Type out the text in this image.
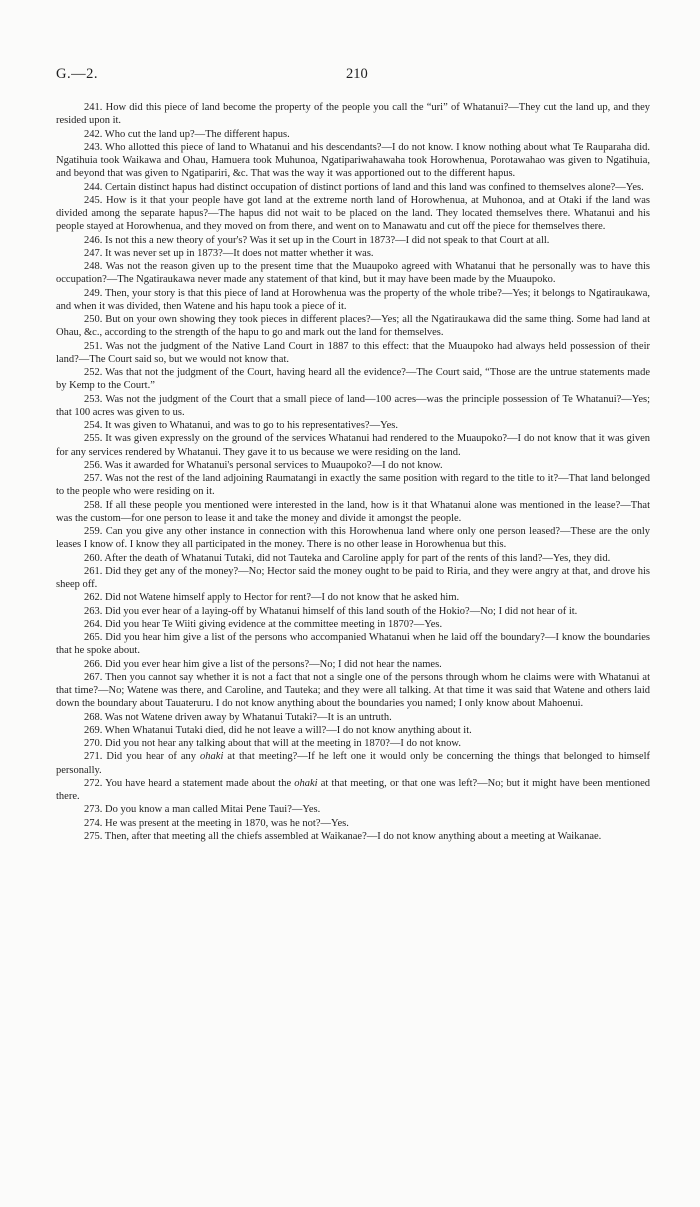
G.—2.	210

241. How did this piece of land become the property of the people you call the “uri” of Whatanui?—They cut the land up, and they resided upon it.

242. Who cut the land up?—The different hapus.

243. Who allotted this piece of land to Whatanui and his descendants?—I do not know. I know nothing about what Te Rauparaha did. Ngatihuia took Waikawa and Ohau, Hamuera took Muhunoa, Ngatipariwahawaha took Horowhenua, Porotawahao was given to Ngatihuia, and beyond that was given to Ngatipariri, &c. That was the way it was apportioned out to the different hapus.

244. Certain distinct hapus had distinct occupation of distinct portions of land and this land was confined to themselves alone?—Yes.

245. How is it that your people have got land at the extreme north land of Horowhenua, at Muhonoa, and at Otaki if the land was divided among the separate hapus?—The hapus did not wait to be placed on the land. They located themselves there. Whatanui and his people stayed at Horowhenua, and they moved on from there, and went on to Manawatu and cut off the piece for themselves there.

246. Is not this a new theory of your's? Was it set up in the Court in 1873?—I did not speak to that Court at all.

247. It was never set up in 1873?—It does not matter whether it was.

248. Was not the reason given up to the present time that the Muaupoko agreed with Whatanui that he personally was to have this occupation?—The Ngatiraukawa never made any statement of that kind, but it may have been made by the Muaupoko.

249. Then, your story is that this piece of land at Horowhenua was the property of the whole tribe?—Yes; it belongs to Ngatiraukawa, and when it was divided, then Watene and his hapu took a piece of it.

250. But on your own showing they took pieces in different places?—Yes; all the Ngatiraukawa did the same thing. Some had land at Ohau, &c., according to the strength of the hapu to go and mark out the land for themselves.

251. Was not the judgment of the Native Land Court in 1887 to this effect: that the Muaupoko had always held possession of their land?—The Court said so, but we would not know that.

252. Was that not the judgment of the Court, having heard all the evidence?—The Court said, “Those are the untrue statements made by Kemp to the Court.”

253. Was not the judgment of the Court that a small piece of land—100 acres—was the principle possession of Te Whatanui?—Yes; that 100 acres was given to us.

254. It was given to Whatanui, and was to go to his representatives?—Yes.

255. It was given expressly on the ground of the services Whatanui had rendered to the Muaupoko?—I do not know that it was given for any services rendered by Whatanui. They gave it to us because we were residing on the land.

256. Was it awarded for Whatanui's personal services to Muaupoko?—I do not know.

257. Was not the rest of the land adjoining Raumatangi in exactly the same position with regard to the title to it?—That land belonged to the people who were residing on it.

258. If all these people you mentioned were interested in the land, how is it that Whatanui alone was mentioned in the lease?—That was the custom—for one person to lease it and take the money and divide it amongst the people.

259. Can you give any other instance in connection with this Horowhenua land where only one person leased?—These are the only leases I know of. I know they all participated in the money. There is no other lease in Horowhenua but this.

260. After the death of Whatanui Tutaki, did not Tauteka and Caroline apply for part of the rents of this land?—Yes, they did.

261. Did they get any of the money?—No; Hector said the money ought to be paid to Riria, and they were angry at that, and drove his sheep off.

262. Did not Watene himself apply to Hector for rent?—I do not know that he asked him.

263. Did you ever hear of a laying-off by Whatanui himself of this land south of the Hokio?—No; I did not hear of it.

264. Did you hear Te Wiiti giving evidence at the committee meeting in 1870?—Yes.

265. Did you hear him give a list of the persons who accompanied Whatanui when he laid off the boundary?—I know the boundaries that he spoke about.

266. Did you ever hear him give a list of the persons?—No; I did not hear the names.

267. Then you cannot say whether it is not a fact that not a single one of the persons through whom he claims were with Whatanui at that time?—No; Watene was there, and Caroline, and Tauteka; and they were all talking. At that time it was said that Watene and others laid down the boundary about Tauateruru. I do not know anything about the boundaries you named; I only know about Mahoenui.

268. Was not Watene driven away by Whatanui Tutaki?—It is an untruth.

269. When Whatanui Tutaki died, did he not leave a will?—I do not know anything about it.

270. Did you not hear any talking about that will at the meeting in 1870?—I do not know.

271. Did you hear of any ohaki at that meeting?—If he left one it would only be concerning the things that belonged to himself personally.

272. You have heard a statement made about the ohaki at that meeting, or that one was left?—No; but it might have been mentioned there.

273. Do you know a man called Mitai Pene Taui?—Yes.

274. He was present at the meeting in 1870, was he not?—Yes.

275. Then, after that meeting all the chiefs assembled at Waikanae?—I do not know anything about a meeting at Waikanae.
